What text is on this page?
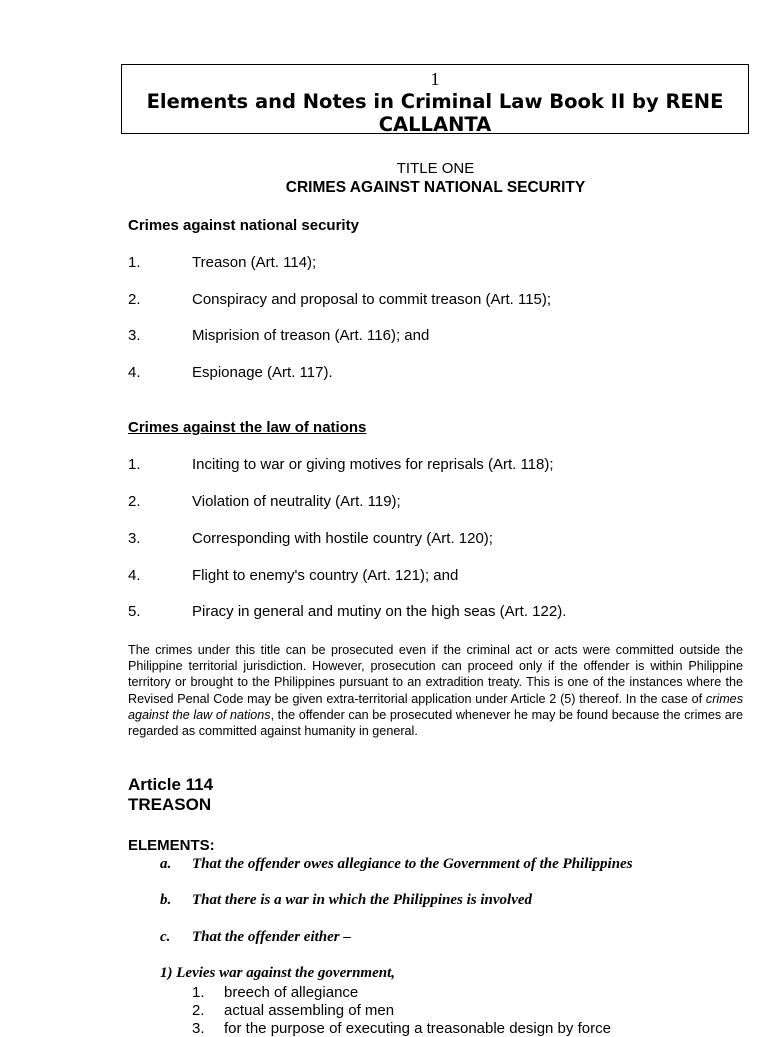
1
Elements and Notes in Criminal Law Book II by RENE CALLANTA
TITLE ONE
CRIMES AGAINST NATIONAL SECURITY
Crimes against national security
1.	Treason (Art. 114);
2.	Conspiracy and proposal to commit treason (Art. 115);
3.	Misprision of treason (Art. 116); and
4.	Espionage (Art. 117).
Crimes against the law of nations
1.	Inciting to war or giving motives for reprisals (Art. 118);
2.	Violation of neutrality (Art. 119);
3.	Corresponding with hostile country (Art. 120);
4.	Flight to enemy's country (Art. 121); and
5.	Piracy in general and mutiny on the high seas (Art. 122).
The crimes under this title can be prosecuted even if the criminal act or acts were committed outside the Philippine territorial jurisdiction. However, prosecution can proceed only if the offender is within Philippine territory or brought to the Philippines pursuant to an extradition treaty. This is one of the instances where the Revised Penal Code may be given extra-territorial application under Article 2 (5) thereof. In the case of crimes against the law of nations, the offender can be prosecuted whenever he may be found because the crimes are regarded as committed against humanity in general.
Article 114
TREASON
ELEMENTS:
a. That the offender owes allegiance to the Government of the Philippines
b. That there is a war in which the Philippines is involved
c. That the offender either –
1) Levies war against the government,
1. breech of allegiance
2. actual assembling of men
3. for the purpose of executing a treasonable design by force
